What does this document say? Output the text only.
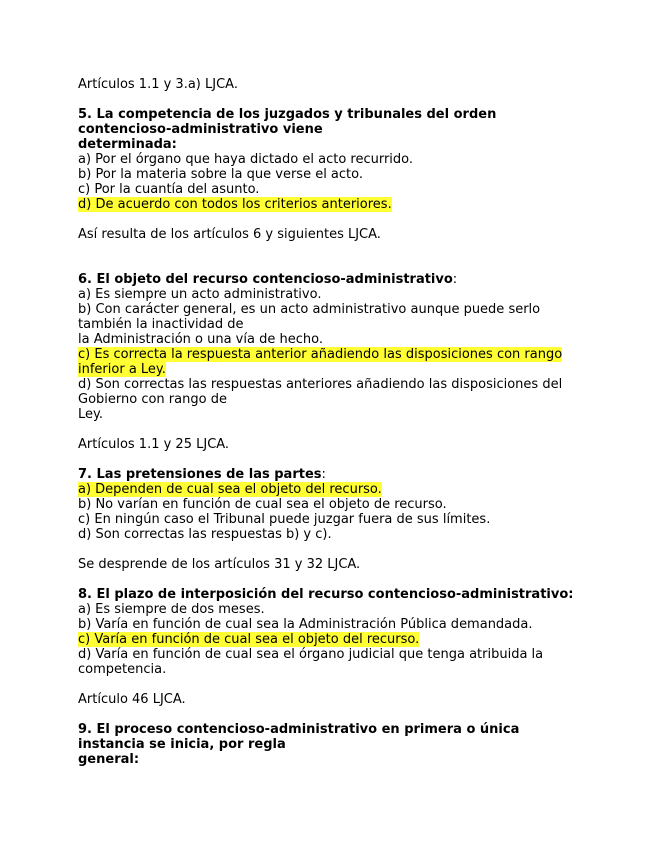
Artículos 1.1 y 3.a) LJCA.
5. La competencia de los juzgados y tribunales del orden
contencioso-administrativo viene
determinada:
a) Por el órgano que haya dictado el acto recurrido.
b) Por la materia sobre la que verse el acto.
c) Por la cuantía del asunto.
d) De acuerdo con todos los criterios anteriores.
Así resulta de los artículos 6 y siguientes LJCA.
6. El objeto del recurso contencioso-administrativo:
a) Es siempre un acto administrativo.
b) Con carácter general, es un acto administrativo aunque puede serlo
también la inactividad de
la Administración o una vía de hecho.
c) Es correcta la respuesta anterior añadiendo las disposiciones con rango
inferior a Ley.
d) Son correctas las respuestas anteriores añadiendo las disposiciones del
Gobierno con rango de
Ley.
Artículos 1.1 y 25 LJCA.
7. Las pretensiones de las partes:
a) Dependen de cual sea el objeto del recurso.
b) No varían en función de cual sea el objeto de recurso.
c) En ningún caso el Tribunal puede juzgar fuera de sus límites.
d) Son correctas las respuestas b) y c).
Se desprende de los artículos 31 y 32 LJCA.
8. El plazo de interposición del recurso contencioso-administrativo:
a) Es siempre de dos meses.
b) Varía en función de cual sea la Administración Pública demandada.
c) Varía en función de cual sea el objeto del recurso.
d) Varía en función de cual sea el órgano judicial que tenga atribuida la
competencia.
Artículo 46 LJCA.
9. El proceso contencioso-administrativo en primera o única
instancia se inicia, por regla
general:
